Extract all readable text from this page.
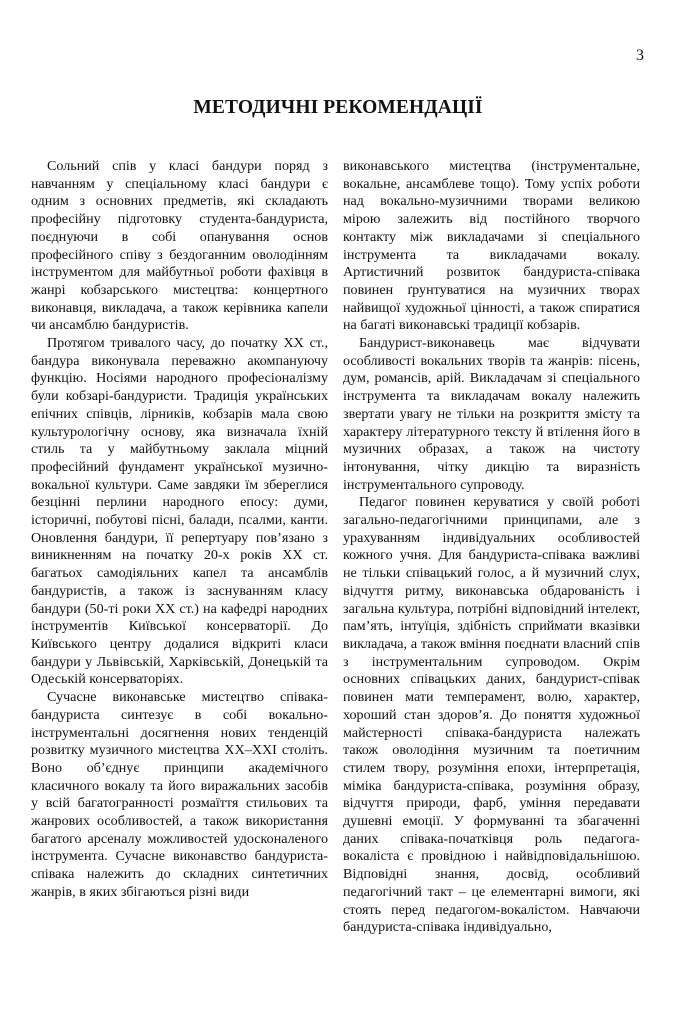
3
МЕТОДИЧНІ РЕКОМЕНДАЦІЇ

Сольний спів у класі бандури поряд з навчанням у спеціальному класі бандури є одним з основних предметів, які складають професійну підготовку студента-бандуриста, поєднуючи в собі опанування основ професійного співу з бездоганним оволодінням інструментом для майбутньої роботи фахівця в жанрі кобзарського мистецтва: концертного виконавця, викладача, а також керівника капели чи ансамблю бандуристів.

Протягом тривалого часу, до початку ХХ ст., бандура виконувала переважно акомпануючу функцію. Носіями народного професіоналізму були кобзарі-бандуристи. Традиція українських епічних співців, лірників, кобзарів мала свою культурологічну основу, яка визначала їхній стиль та у майбутньому заклала міцний професійний фундамент української музично-вокальної культури. Саме завдяки їм збереглися безцінні перлини народного епосу: думи, історичні, побутові пісні, балади, псалми, канти. Оновлення бандури, її репертуару пов’язано з виникненням на початку 20-х років ХХ ст. багатьох самодіяльних капел та ансамблів бандуристів, а також із заснуванням класу бандури (50-ті роки ХХ ст.) на кафедрі народних інструментів Київської консерваторії. До Київського центру додалися відкриті класи бандури у Львівській, Харківській, Донецькій та Одеській консерваторіях.

Сучасне виконавське мистецтво співака-бандуриста синтезує в собі вокально-інструментальні досягнення нових тенденцій розвитку музичного мистецтва ХХ–ХХІ століть. Воно об’єднує принципи академічного класичного вокалу та його виражальних засобів у всій багатогранності розмаїття стильових та жанрових особливостей, а також використання багатого арсеналу можливостей удосконаленого інструмента. Сучасне виконавство бандуриста-співака належить до складних синтетичних жанрів, в яких збігаються різні види

виконавського мистецтва (інструментальне, вокальне, ансамблеве тощо). Тому успіх роботи над вокально-музичними творами великою мірою залежить від постійного творчого контакту між викладачами зі спеціального інструмента та викладачами вокалу. Артистичний розвиток бандуриста-співака повинен ґрунтуватися на музичних творах найвищої художньої цінності, а також спиратися на багаті виконавські традиції кобзарів.

Бандурист-виконавець має відчувати особливості вокальних творів та жанрів: пісень, дум, романсів, арій. Викладачам зі спеціального інструмента та викладачам вокалу належить звертати увагу не тільки на розкриття змісту та характеру літературного тексту й втілення його в музичних образах, а також на чистоту інтонування, чітку дикцію та виразність інструментального супроводу.

Педагог повинен керуватися у своїй роботі загально-педагогічними принципами, але з урахуванням індивідуальних особливостей кожного учня. Для бандуриста-співака важливі не тільки співацький голос, а й музичний слух, відчуття ритму, виконавська обдарованість і загальна культура, потрібні відповідний інтелект, пам’ять, інтуїція, здібність сприймати вказівки викладача, а також вміння поєднати власний спів з інструментальним супроводом. Окрім основних співацьких даних, бандурист-співак повинен мати темперамент, волю, характер, хороший стан здоров’я. До поняття художньої майстерності співака-бандуриста належать також оволодіння музичним та поетичним стилем твору, розуміння епохи, інтерпретація, міміка бандуриста-співака, розуміння образу, відчуття природи, фарб, уміння передавати душевні емоції. У формуванні та збагаченні даних співака-початківця роль педагога-вокаліста є провідною і найвідповідальнішою. Відповідні знання, досвід, особливий педагогічний такт – це елементарні вимоги, які стоять перед педагогом-вокалістом. Навчаючи бандуриста-співака індивідуально,
